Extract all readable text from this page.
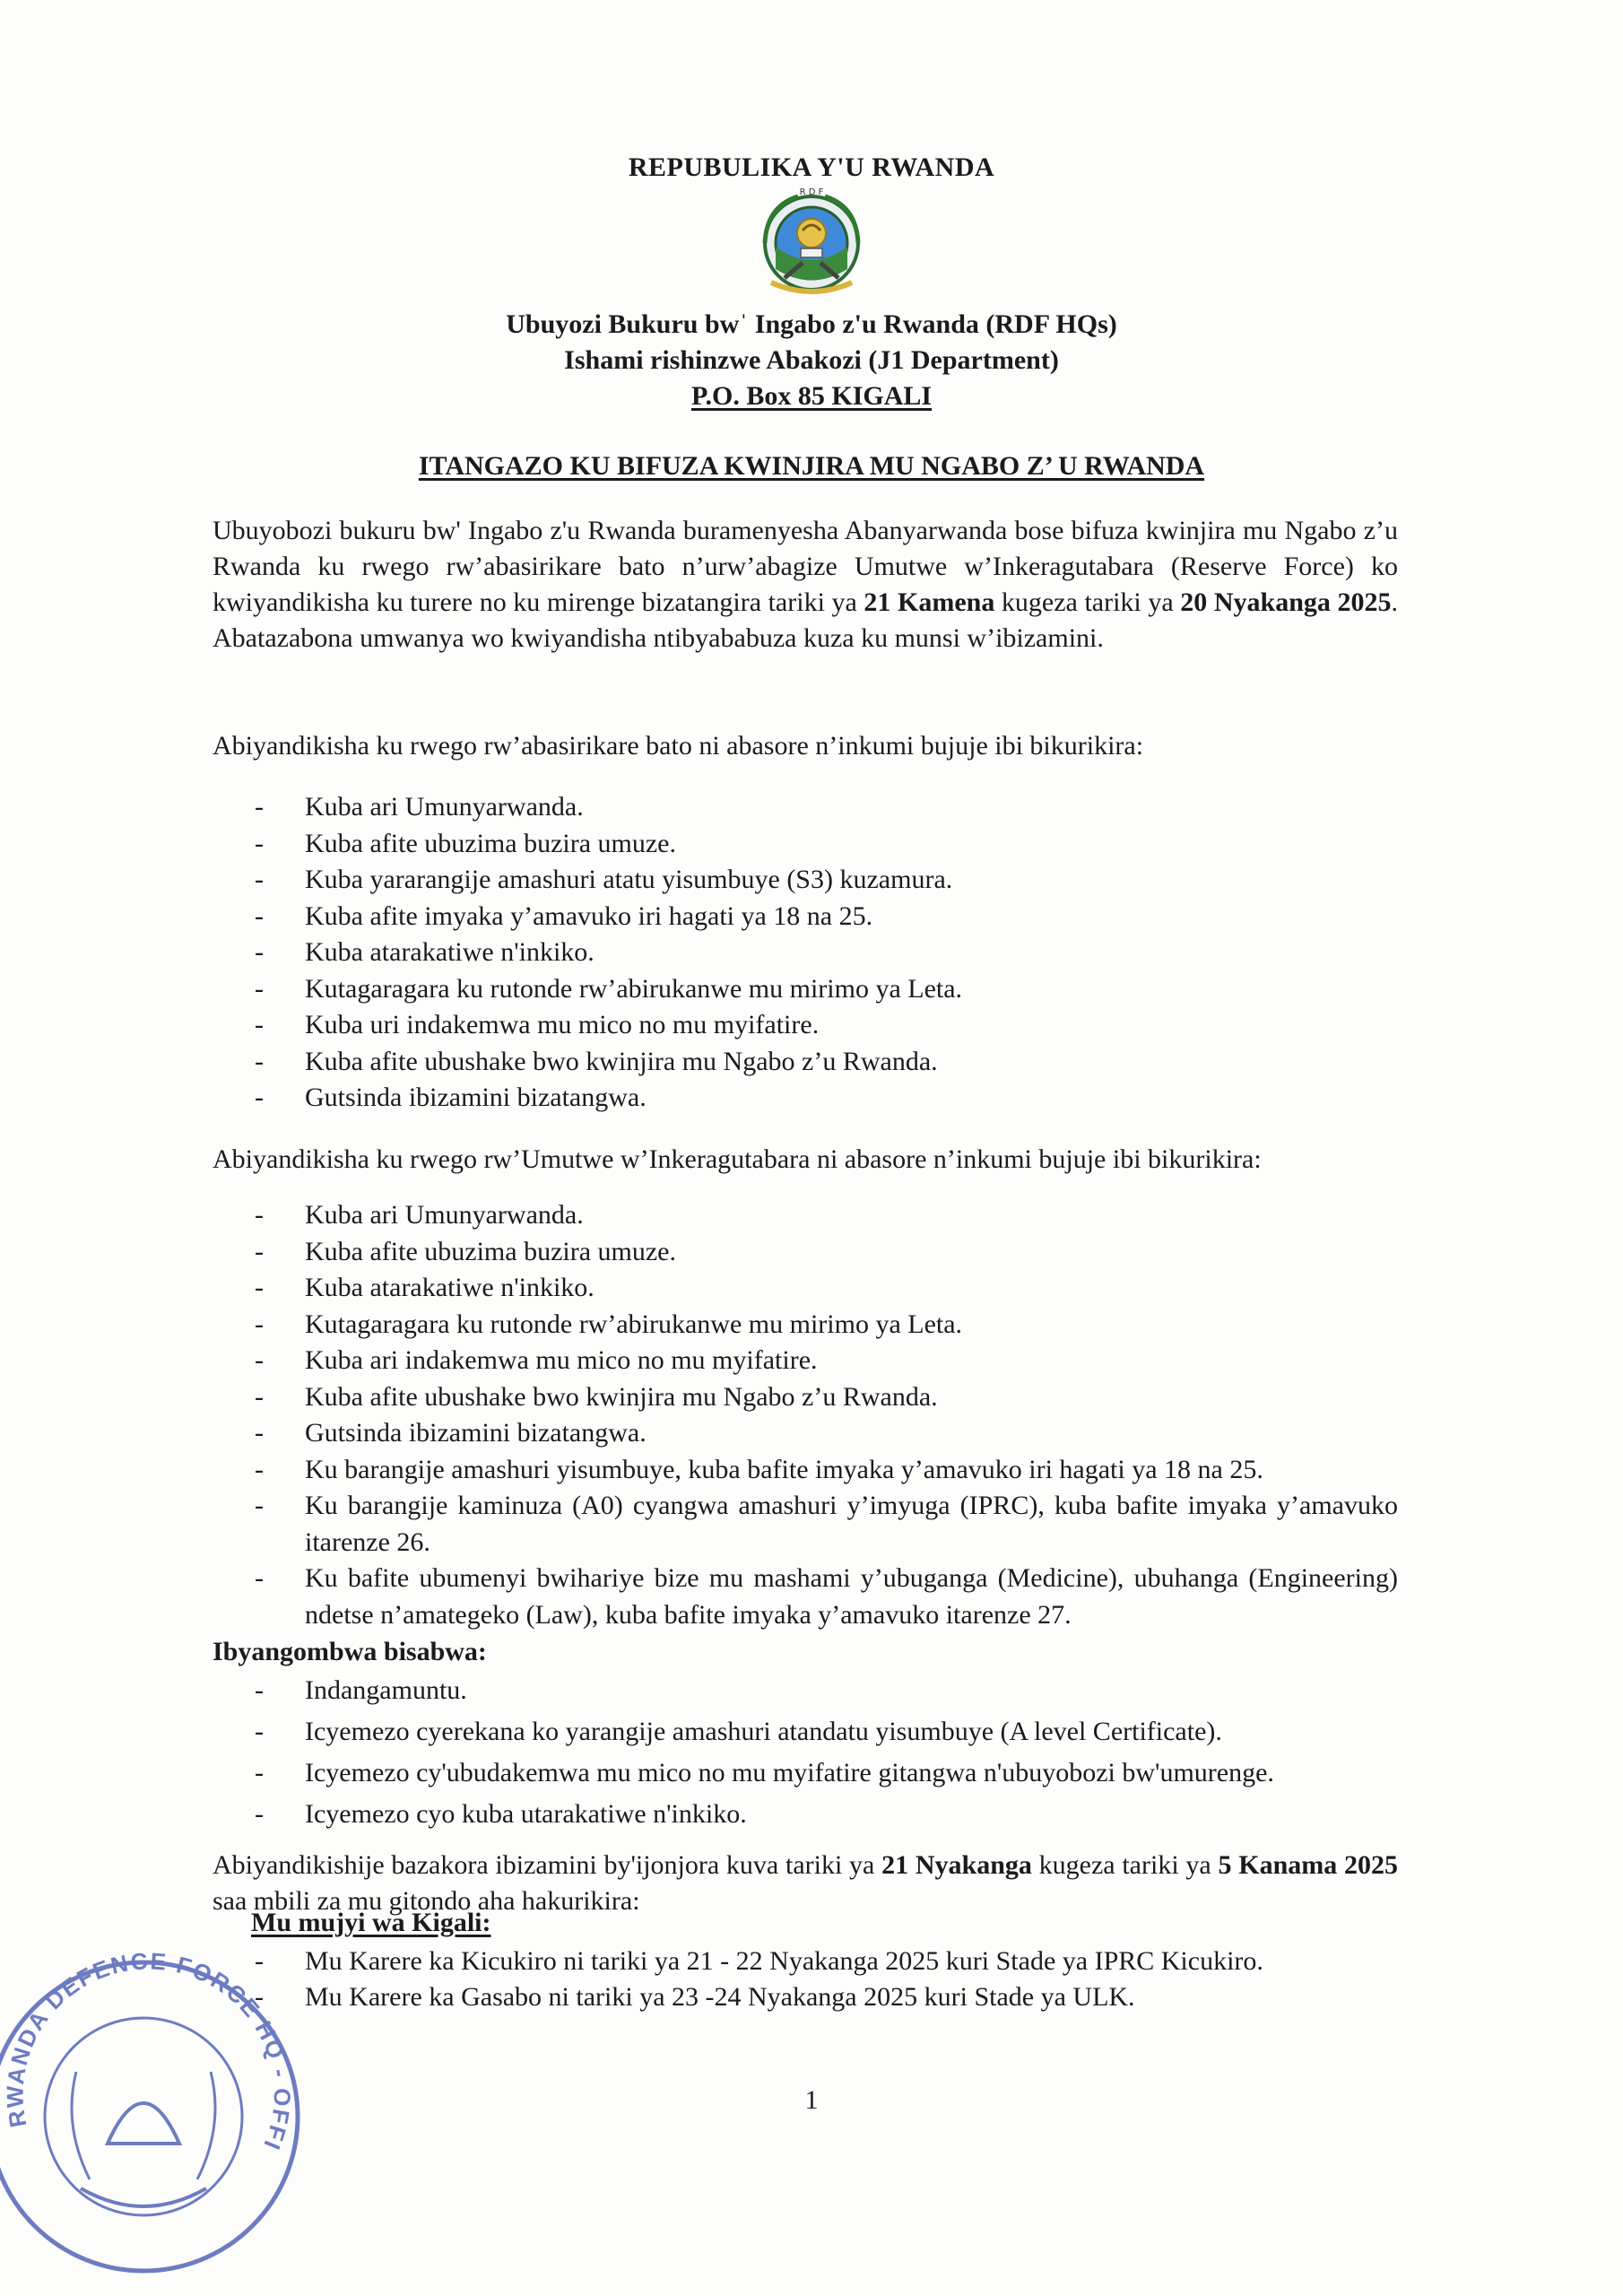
REPUBULIKA Y'U RWANDA
R D F
Ubuyozi Bukuru bwˈ Ingabo z'u Rwanda (RDF HQs)
Ishami rishinzwe Abakozi (J1 Department)
P.O. Box 85 KIGALI
ITANGAZO KU BIFUZA KWINJIRA MU NGABO Z’ U RWANDA
Ubuyobozi bukuru bw' Ingabo z'u Rwanda buramenyesha Abanyarwanda bose bifuza kwinjira mu Ngabo z’u Rwanda ku rwego rw’abasirikare bato n’urw’abagize Umutwe w’Inkeragutabara (Reserve Force) ko kwiyandikisha ku turere no ku mirenge bizatangira tariki ya 21 Kamena kugeza tariki ya 20 Nyakanga 2025. Abatazabona umwanya wo kwiyandisha ntibyababuza kuza ku munsi w’ibizamini.
Abiyandikisha ku rwego rw’abasirikare bato ni abasore n’inkumi bujuje ibi bikurikira:
- Kuba ari Umunyarwanda.
- Kuba afite ubuzima buzira umuze.
- Kuba yararangije amashuri atatu yisumbuye (S3) kuzamura.
- Kuba afite imyaka y’amavuko iri hagati ya 18 na 25.
- Kuba atarakatiwe n'inkiko.
- Kutagaragara ku rutonde rw’abirukanwe mu mirimo ya Leta.
- Kuba uri indakemwa mu mico no mu myifatire.
- Kuba afite ubushake bwo kwinjira mu Ngabo z’u Rwanda.
- Gutsinda ibizamini bizatangwa.
Abiyandikisha ku rwego rw’Umutwe w’Inkeragutabara ni abasore n’inkumi bujuje ibi bikurikira:
- Kuba ari Umunyarwanda.
- Kuba afite ubuzima buzira umuze.
- Kuba atarakatiwe n'inkiko.
- Kutagaragara ku rutonde rw’abirukanwe mu mirimo ya Leta.
- Kuba ari indakemwa mu mico no mu myifatire.
- Kuba afite ubushake bwo kwinjira mu Ngabo z’u Rwanda.
- Gutsinda ibizamini bizatangwa.
- Ku barangije amashuri yisumbuye, kuba bafite imyaka y’amavuko iri hagati ya 18 na 25.
- Ku barangije kaminuza (A0) cyangwa amashuri y’imyuga (IPRC), kuba bafite imyaka y’amavuko itarenze 26.
- Ku bafite ubumenyi bwihariye bize mu mashami y’ubuganga (Medicine), ubuhanga (Engineering) ndetse n’amategeko (Law), kuba bafite imyaka y’amavuko itarenze 27.
Ibyangombwa bisabwa:
- Indangamuntu.
- Icyemezo cyerekana ko yarangije amashuri atandatu yisumbuye (A level Certificate).
- Icyemezo cy'ubudakemwa mu mico no mu myifatire gitangwa n'ubuyobozi bw'umurenge.
- Icyemezo cyo kuba utarakatiwe n'inkiko.
Abiyandikishije bazakora ibizamini by'ijonjora kuva tariki ya 21 Nyakanga kugeza tariki ya 5 Kanama 2025 saa mbili za mu gitondo aha hakurikira:
Mu mujyi wa Kigali:
- Mu Karere ka Kicukiro ni tariki ya 21 - 22 Nyakanga 2025 kuri Stade ya IPRC Kicukiro.
- Mu Karere ka Gasabo ni tariki ya 23 -24 Nyakanga 2025 kuri Stade ya ULK.
1
RWANDA DEFENCE FORCE HQ - OFFI
